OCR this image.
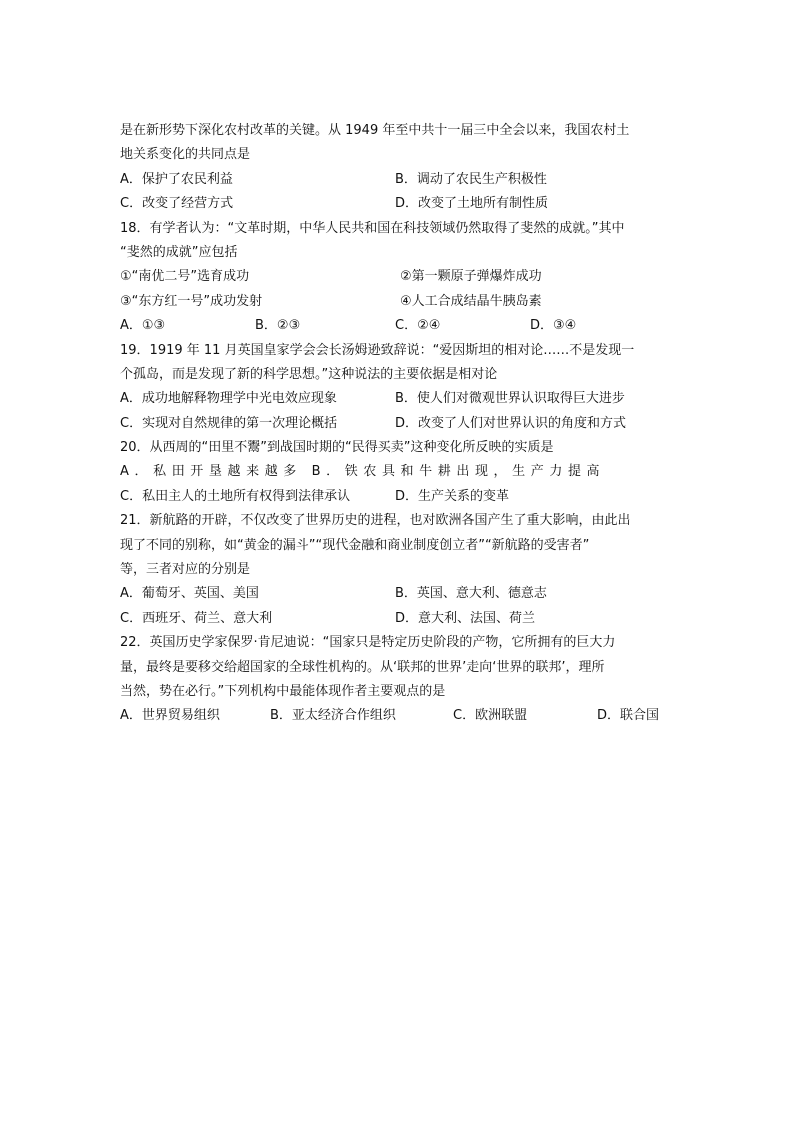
是在新形势下深化农村改革的关键。从 1949 年至中共十一届三中全会以来，我国农村土
地关系变化的共同点是
A．保护了农民利益	B．调动了农民生产积极性
C．改变了经营方式	D．改变了土地所有制性质
18．有学者认为：“文革时期，中华人民共和国在科技领域仍然取得了斐然的成就。”其中
“斐然的成就”应包括
①“南优二号”选育成功	②第一颗原子弹爆炸成功
③“东方红一号”成功发射	④人工合成结晶牛胰岛素
A．①③	B．②③	C．②④	D．③④
19．1919 年 11 月英国皇家学会会长汤姆逊致辞说：“爱因斯坦的相对论……不是发现一
个孤岛，而是发现了新的科学思想。”这种说法的主要依据是相对论
A．成功地解释物理学中光电效应现象	B．使人们对微观世界认识取得巨大进步
C．实现对自然规律的第一次理论概括	D．改变了人们对世界认识的角度和方式
20．从西周的“田里不鬻”到战国时期的“民得买卖”这种变化所反映的实质是
A．私田开垦越来越多 B．铁农具和牛耕出现，生产力提高
C．私田主人的土地所有权得到法律承认	D．生产关系的变革
21．新航路的开辟，不仅改变了世界历史的进程，也对欧洲各国产生了重大影响，由此出
现了不同的别称，如“黄金的漏斗”“现代金融和商业制度创立者”“新航路的受害者”
等，三者对应的分别是
A．葡萄牙、英国、美国	B．英国、意大利、德意志
C．西班牙、荷兰、意大利	D．意大利、法国、荷兰
22．英国历史学家保罗·肯尼迪说：“国家只是特定历史阶段的产物，它所拥有的巨大力
量，最终是要移交给超国家的全球性机构的。从‘联邦的世界’走向‘世界的联邦’，理所
当然，势在必行。”下列机构中最能体现作者主要观点的是
A．世界贸易组织	B．亚太经济合作组织	C．欧洲联盟	D．联合国
